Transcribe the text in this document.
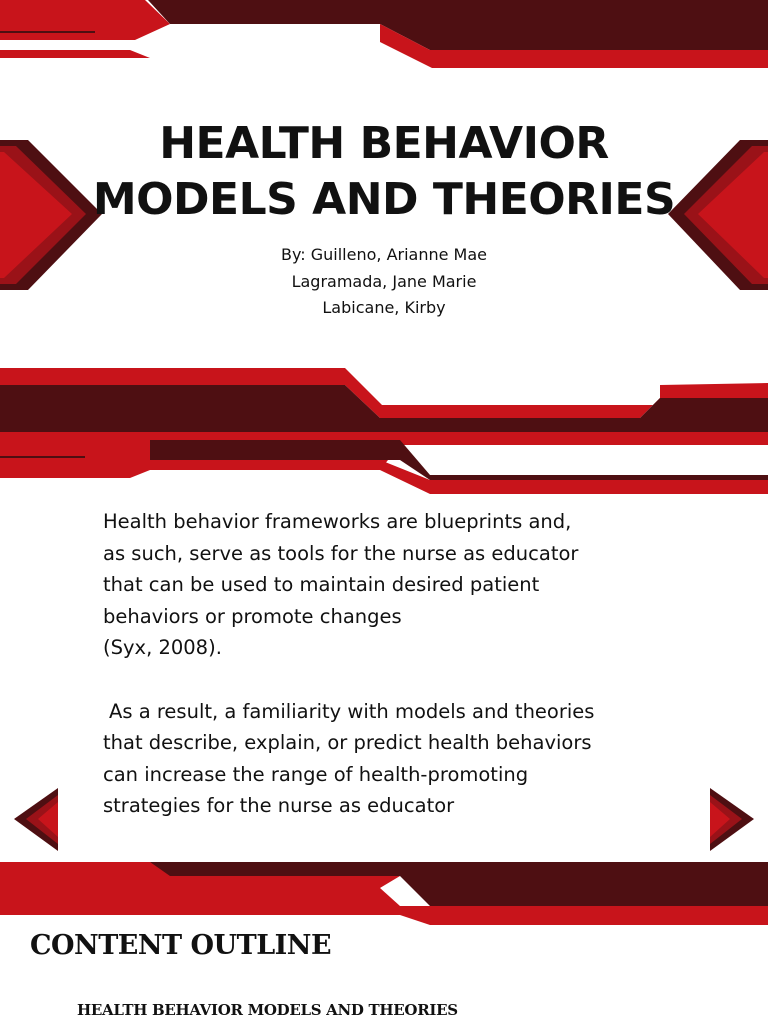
HEALTH BEHAVIOR
MODELS AND THEORIES
By: Guilleno, Arianne Mae
Lagramada, Jane Marie
Labicane, Kirby

Health behavior frameworks are blueprints and,
as such, serve as tools for the nurse as educator
that can be used to maintain desired patient
behaviors or promote changes
(Syx, 2008).

As a result, a familiarity with models and theories
that describe, explain, or predict health behaviors
can increase the range of health-promoting
strategies for the nurse as educator

CONTENT OUTLINE

HEALTH BEHAVIOR MODELS AND THEORIES
